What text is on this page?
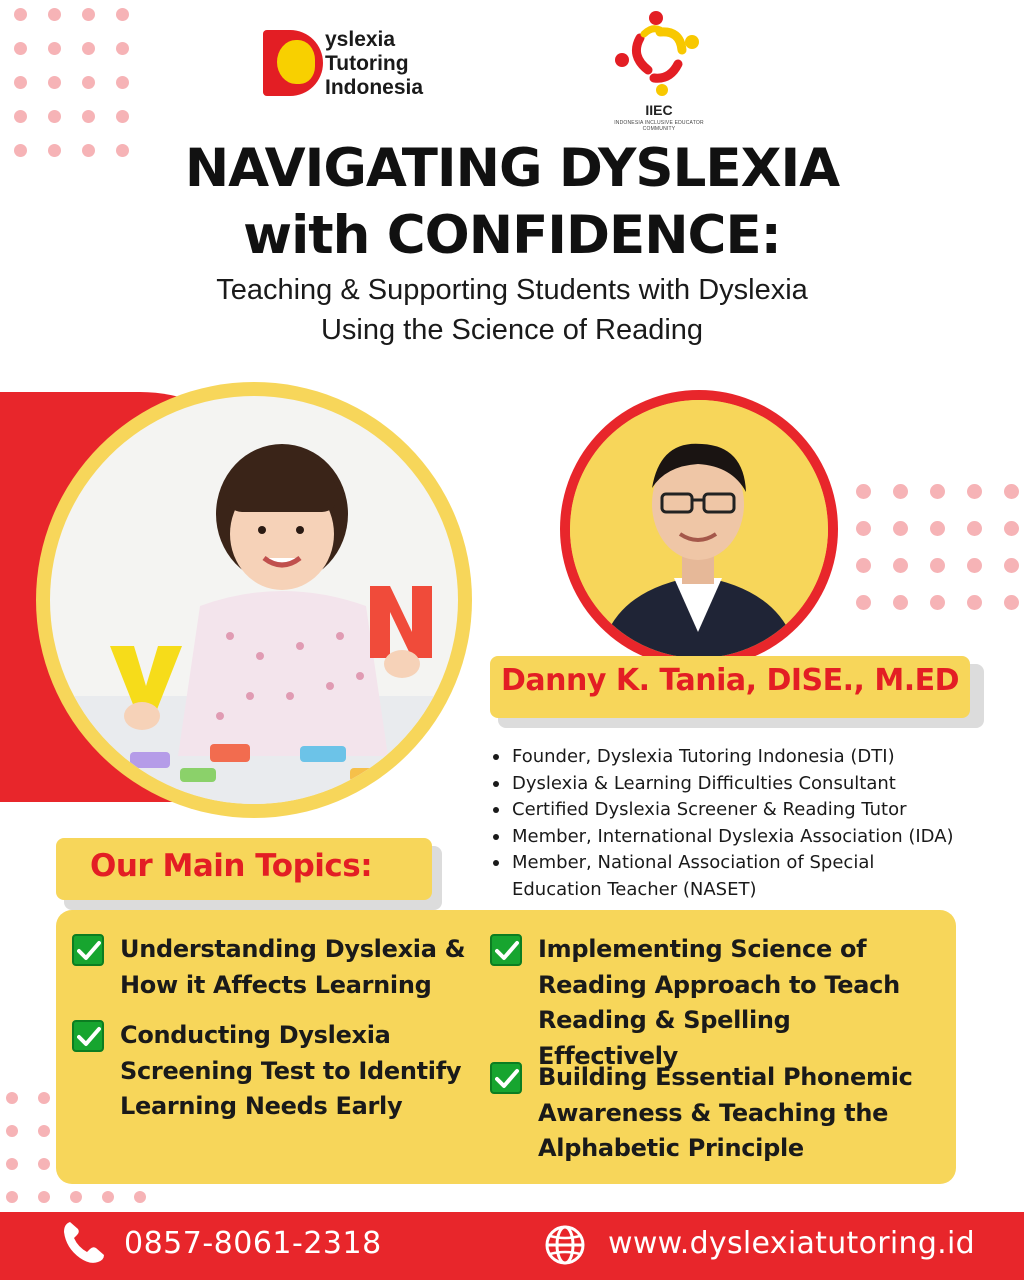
yslexia
Tutoring
Indonesia
IIEC
INDONESIA INCLUSIVE EDUCATOR COMMUNITY
NAVIGATING DYSLEXIA
with CONFIDENCE:
Teaching & Supporting Students with Dyslexia
Using the Science of Reading
Danny K. Tania, DISE., M.ED
Founder, Dyslexia Tutoring Indonesia (DTI)
Dyslexia & Learning Difficulties Consultant
Certified Dyslexia Screener & Reading Tutor
Member, International Dyslexia Association (IDA)
Member, National Association of Special
Education Teacher (NASET)
Our Main Topics:
Understanding Dyslexia &
How it Affects Learning
Conducting Dyslexia
Screening Test to Identify
Learning Needs Early
Implementing Science of
Reading Approach to Teach
Reading & Spelling Effectively
Building Essential Phonemic
Awareness & Teaching the
Alphabetic Principle
0857-8061-2318	www.dyslexiatutoring.id
